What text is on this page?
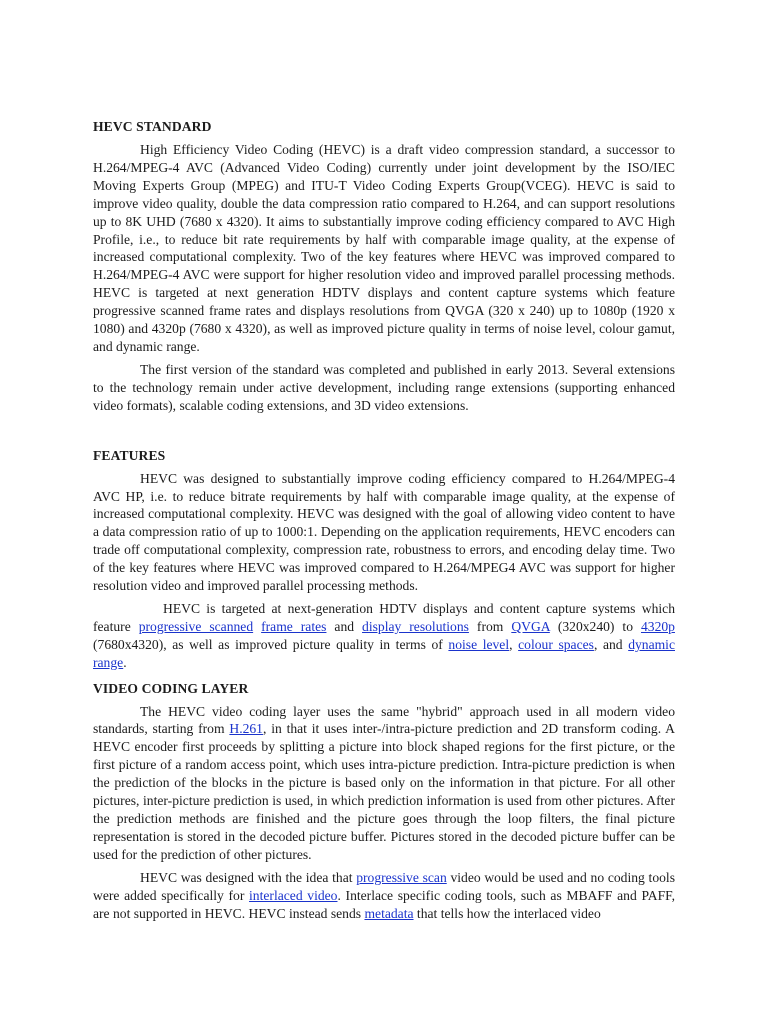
HEVC STANDARD

High Efficiency Video Coding (HEVC) is a draft video compression standard, a successor to H.264/MPEG-4 AVC (Advanced Video Coding) currently under joint development by the ISO/IEC Moving Experts Group (MPEG) and ITU-T Video Coding Experts Group(VCEG). HEVC is said to improve video quality, double the data compression ratio compared to H.264, and can support resolutions up to 8K UHD (7680 x 4320). It aims to substantially improve coding efficiency compared to AVC High Profile, i.e., to reduce bit rate requirements by half with comparable image quality, at the expense of increased computational complexity. Two of the key features where HEVC was improved compared to H.264/MPEG-4 AVC were support for higher resolution video and improved parallel processing methods. HEVC is targeted at next generation HDTV displays and content capture systems which feature progressive scanned frame rates and displays resolutions from QVGA (320 x 240) up to 1080p (1920 x 1080) and 4320p (7680 x 4320), as well as improved picture quality in terms of noise level, colour gamut, and dynamic range.

The first version of the standard was completed and published in early 2013. Several extensions to the technology remain under active development, including range extensions (supporting enhanced video formats), scalable coding extensions, and 3D video extensions.

FEATURES

HEVC was designed to substantially improve coding efficiency compared to H.264/MPEG-4 AVC HP, i.e. to reduce bitrate requirements by half with comparable image quality, at the expense of increased computational complexity. HEVC was designed with the goal of allowing video content to have a data compression ratio of up to 1000:1. Depending on the application requirements, HEVC encoders can trade off computational complexity, compression rate, robustness to errors, and encoding delay time. Two of the key features where HEVC was improved compared to H.264/MPEG4 AVC was support for higher resolution video and improved parallel processing methods.

HEVC is targeted at next-generation HDTV displays and content capture systems which feature progressive scanned frame rates and display resolutions from QVGA (320x240) to 4320p (7680x4320), as well as improved picture quality in terms of noise level, colour spaces, and dynamic range.

VIDEO CODING LAYER

The HEVC video coding layer uses the same "hybrid" approach used in all modern video standards, starting from H.261, in that it uses inter-/intra-picture prediction and 2D transform coding. A HEVC encoder first proceeds by splitting a picture into block shaped regions for the first picture, or the first picture of a random access point, which uses intra-picture prediction. Intra-picture prediction is when the prediction of the blocks in the picture is based only on the information in that picture. For all other pictures, inter-picture prediction is used, in which prediction information is used from other pictures. After the prediction methods are finished and the picture goes through the loop filters, the final picture representation is stored in the decoded picture buffer. Pictures stored in the decoded picture buffer can be used for the prediction of other pictures.

HEVC was designed with the idea that progressive scan video would be used and no coding tools were added specifically for interlaced video. Interlace specific coding tools, such as MBAFF and PAFF, are not supported in HEVC. HEVC instead sends metadata that tells how the interlaced video
